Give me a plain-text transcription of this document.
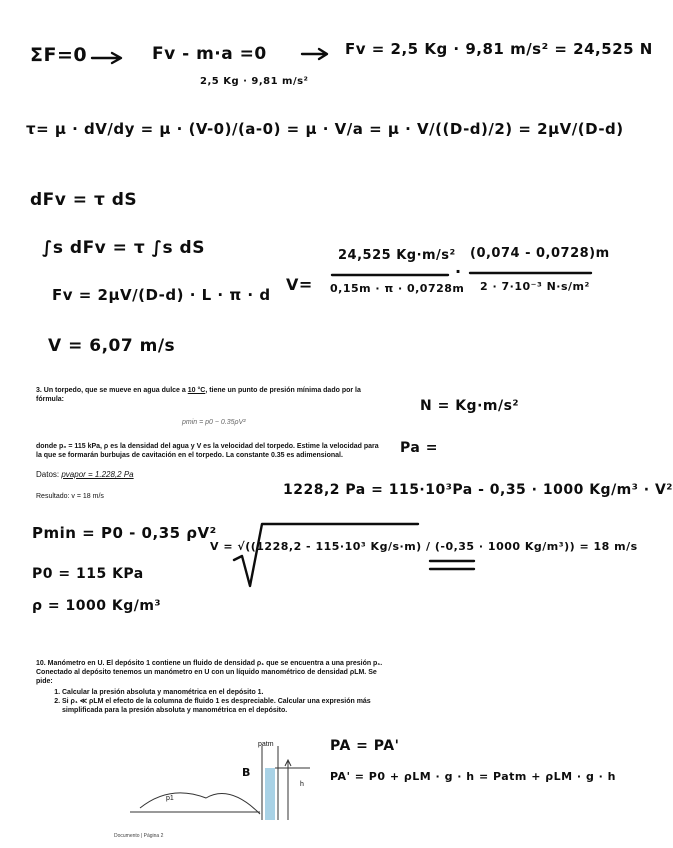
ΣF=0	Fv - m·a =0
2,5 Kg · 9,81 m/s²
Fv = 2,5 Kg · 9,81 m/s² = 24,525 N
τ= μ · dV/dy = μ · (V-0)/(a-0) = μ · V/a = μ · V/((D-d)/2) = 2μV/(D-d)
dFv = τ dS
∫s dFv = τ ∫s dS
Fv = 2μV/(D-d) · L · π · d
V=
24,525 Kg·m/s²
0,15m · π · 0,0728m
·
(0,074 - 0,0728)m
2 · 7·10⁻³ N·s/m²
V = 6,07 m/s
3. Un torpedo, que se mueve en agua dulce a 10 °C, tiene un punto de presión mínima dado por la fórmula:
pmin = p0 − 0.35ρV²
donde p₀ = 115 kPa, ρ es la densidad del agua y V es la velocidad del torpedo. Estime la velocidad para la que se formarán burbujas de cavitación en el torpedo. La constante 0.35 es adimensional.
Datos: pvapor = 1.228,2 Pa
Resultado: v = 18 m/s
N = Kg·m/s²
Pa =
1228,2 Pa = 115·10³Pa - 0,35 · 1000 Kg/m³ · V²
Pmin = P0 - 0,35 ρV²
P0 = 115 KPa
ρ = 1000 Kg/m³
V = √((1228,2 - 115·10³ Kg/s·m) / (-0,35 · 1000 Kg/m³)) = 18 m/s
10. Manómetro en U. El depósito 1 contiene un fluido de densidad ρ₁ que se encuentra a una presión p₁. Conectado al depósito tenemos un manómetro en U con un líquido manométrico de densidad ρLM. Se pide:
1. Calcular la presión absoluta y manométrica en el depósito 1.
2. Si ρ₁ ≪ ρLM el efecto de la columna de fluido 1 es despreciable. Calcular una expresión más simplificada para la presión absoluta y manométrica en el depósito.
patm
h
B
p1
PA = PA'
PA' = P0 + ρLM · g · h = Patm + ρLM · g · h
Documento | Página 2
